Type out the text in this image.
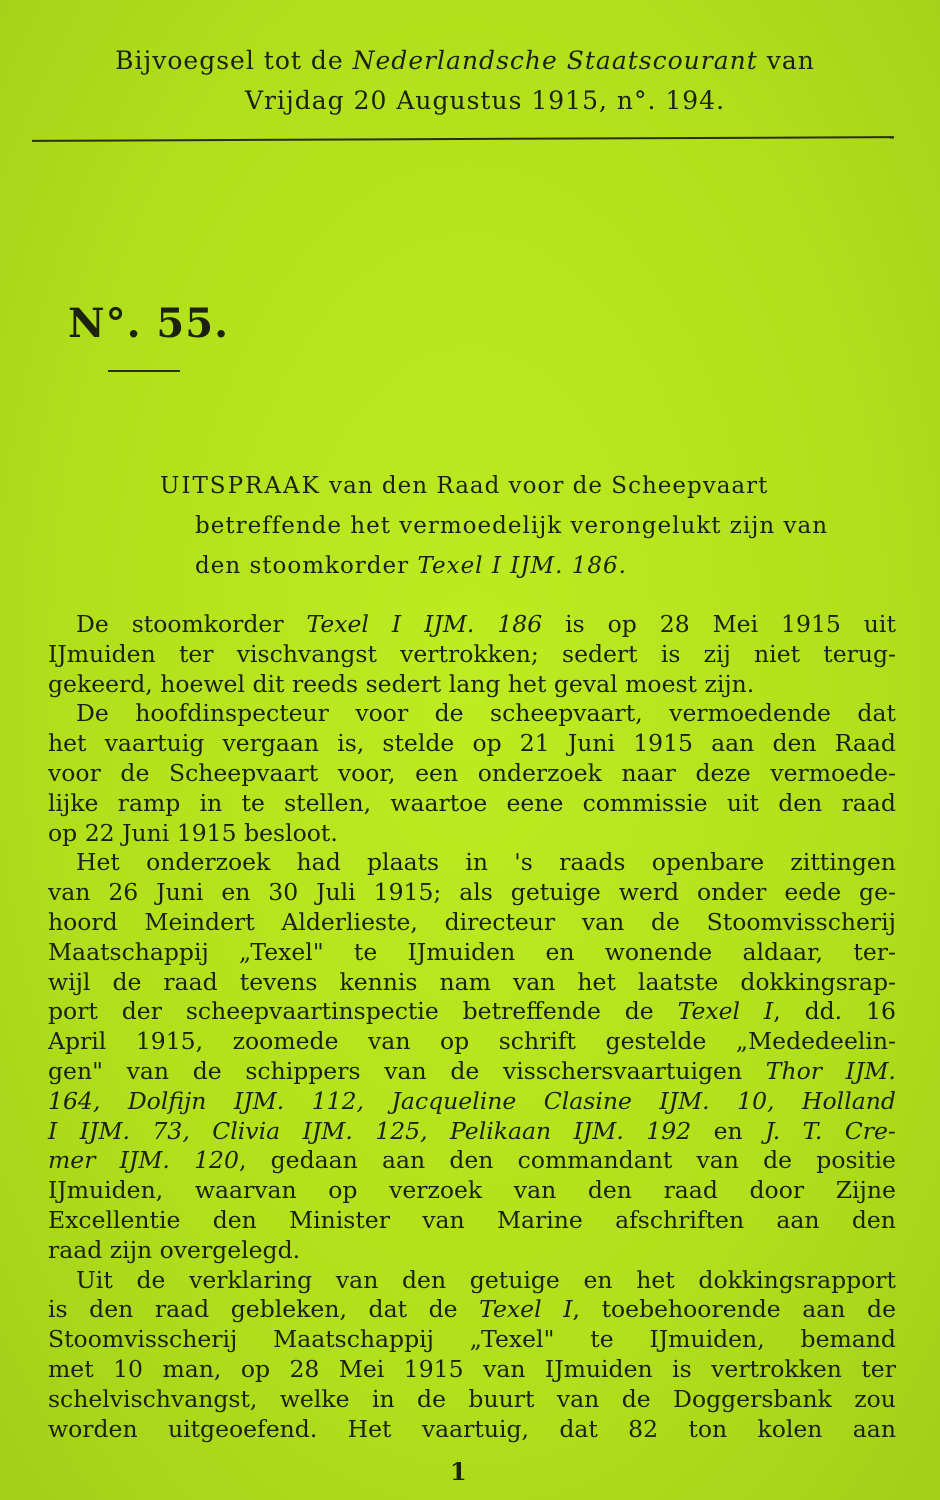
Bijvoegsel tot de Nederlandsche Staatscourant van
Vrijdag 20 Augustus 1915, n°. 194.
N°. 55.
UITSPRAAK van den Raad voor de Scheepvaart
betreffende het vermoedelijk verongelukt zijn van
den stoomkorder Texel I IJM. 186.
De stoomkorder Texel I IJM. 186 is op 28 Mei 1915 uit
IJmuiden ter vischvangst vertrokken; sedert is zij niet terug-
gekeerd, hoewel dit reeds sedert lang het geval moest zijn.
De hoofdinspecteur voor de scheepvaart, vermoedende dat
het vaartuig vergaan is, stelde op 21 Juni 1915 aan den Raad
voor de Scheepvaart voor, een onderzoek naar deze vermoede-
lijke ramp in te stellen, waartoe eene commissie uit den raad
op 22 Juni 1915 besloot.
Het onderzoek had plaats in 's raads openbare zittingen
van 26 Juni en 30 Juli 1915; als getuige werd onder eede ge-
hoord Meindert Alderlieste, directeur van de Stoomvisscherij
Maatschappij „Texel" te IJmuiden en wonende aldaar, ter-
wijl de raad tevens kennis nam van het laatste dokkingsrap-
port der scheepvaartinspectie betreffende de Texel I, dd. 16
April 1915, zoomede van op schrift gestelde „Mededeelin-
gen" van de schippers van de visschersvaartuigen Thor IJM.
164, Dolfijn IJM. 112, Jacqueline Clasine IJM. 10, Holland
I IJM. 73, Clivia IJM. 125, Pelikaan IJM. 192 en J. T. Cre-
mer IJM. 120, gedaan aan den commandant van de positie
IJmuiden, waarvan op verzoek van den raad door Zijne
Excellentie den Minister van Marine afschriften aan den
raad zijn overgelegd.
Uit de verklaring van den getuige en het dokkingsrapport
is den raad gebleken, dat de Texel I, toebehoorende aan de
Stoomvisscherij Maatschappij „Texel" te IJmuiden, bemand
met 10 man, op 28 Mei 1915 van IJmuiden is vertrokken ter
schelvischvangst, welke in de buurt van de Doggersbank zou
worden uitgeoefend. Het vaartuig, dat 82 ton kolen aan
1
